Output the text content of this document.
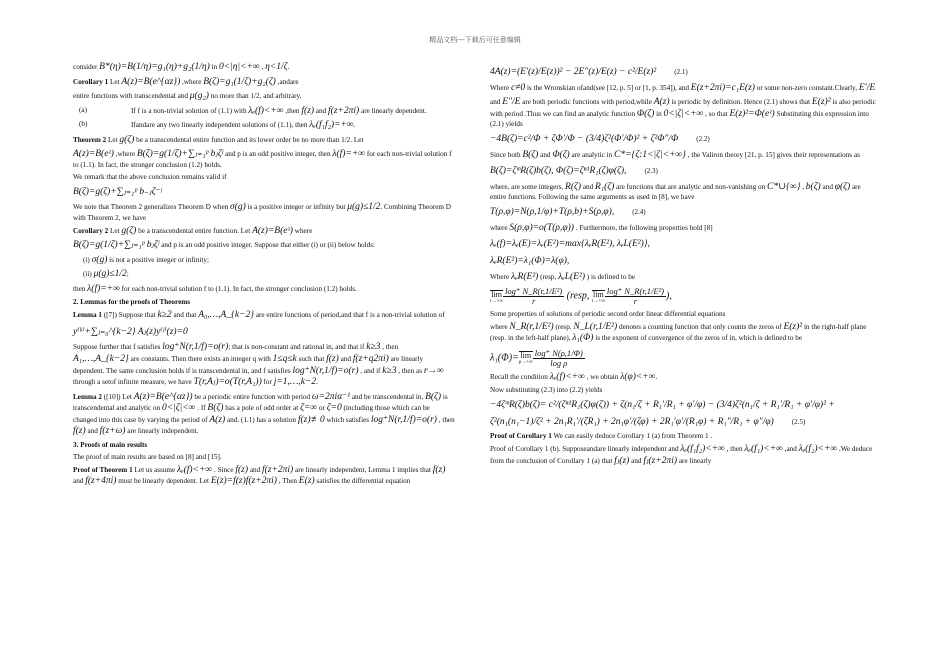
精品文档---下载后可任意编辑

consider B*(η)=B(1/η)=g₁(η)+g₂(1/η) in 0<|η|<+∞ , η<1/ζ.

Corollary 1 Let A(z)=B(e^{αz}) ,where B(ζ)=g₁(1/ζ)+g₂(ζ) ,andare

entire functions with transcendental and μ(g₂) no more than 1/2, and arbitrary.

(a)	If f is a non-trivial solution of (1.1) with λₑ(f)<+∞ ,then f(z) and f(z+2πi) are linearly dependent.
(b)	Ifandare any two linearly independent solutions of (1.1), then λₑ(f₁f₂)=+∞.

Theorem 2 Let g(ζ) be a transcendental entire function and its lower order be no more than 1/2. Let

A(z)=B(eᶻ) ,where B(ζ)=g(1/ζ)+∑ⱼ₌₁ᵖ bⱼζʲ and p is an odd positive integer, then λ(f)=+∞ for each non-trivial solution f to (1.1). In fact, the stronger conclusion (1.2) holds.

We remark that the above conclusion remains valid if

B(ζ)=g(ζ)+∑ⱼ₌₁ᵖ b₋ⱼζ⁻ʲ

We note that Theorem 2 generalizes Theorem D when σ(g) is a positive integer or infinity but μ(g)≤1/2. Combining Theorem D with Theorem 2, we have

Corollary 2 Let g(ζ) be a transcendental entire function. Let A(z)=B(eᶻ) where

B(ζ)=g(1/ζ)+∑ⱼ₌₁ᵖ bⱼζʲ and p is an odd positive integer. Suppose that either (i) or (ii) below holds:

(i) σ(g) is not a positive integer or infinity;

(ii) μ(g)≤1/2;

then λ(f)=+∞ for each non-trivial solution f to (1.1). In fact, the stronger conclusion (1.2) holds.

2. Lemmas for the proofs of Theorems

Lemma 1 ([7]) Suppose that k≥2 and that A₀,…,A_{k−2} are entire functions of period,and that f is a non-trivial solution of

y⁽ᵏ⁾+∑ⱼ₌₀^{k−2} Aⱼ(z)y⁽ʲ⁾(z)=0

Suppose further that f satisfies log⁺N(r,1/f)=o(r); that is non-constant and rational in, and that if k≥3 , then A₁,…,A_{k−2} are constants. Then there exists an integer q with 1≤q≤k such that f(z) and f(z+q2πi) are linearly dependent. The same conclusion holds if is transcendental in, and f satisfies log⁺N(r,1/f)=o(r) , and if k≥3 , then as r→∞ through a setof infinite measure, we have T(r,Aⱼ)=o(T(r,A₁)) for j=1,…,k−2.

Lemma 2 ([10]) Let A(z)=B(e^{αz}) be a periodic entire function with period ω=2πiα⁻¹ and be transcendental in, B(ζ) is transcendental and analytic on 0<|ζ|<∞ . If B(ζ) has a pole of odd order at ζ=∞ or ζ=0 (including those which can be changed into this case by varying the period of A(z) and. (1.1) has a solution f(z)≢0 which satisfies log⁺N(r,1/f)=o(r) , then f(z) and f(z+ω) are linearly independent.

3. Proofs of main results

The proof of main results are based on [8] and [15].

Proof of Theorem 1 Let us assume λₑ(f)<+∞ . Since f(z) and f(z+2πi) are linearly independent, Lemma 1 implies that f(z) and f(z+4πi) must be linearly dependent. Let E(z)=f(z)f(z+2πi) , Then E(z) satisfies the differential equation

4A(z)=(E′(z)/E(z))² − 2E″(z)/E(z) − c²/E(z)²	(2.1)

Where c≠0 is the Wronskian ofand(see [12, p. 5] or [1, p. 354]), and E(z+2πi)=c₁E(z) or some non-zero constant.Clearly, E′/E

and E″/E are both periodic functions with period,while A(z) is periodic by definition. Hence (2.1) shows that E(z)² is also periodic with period .Thus we can find an analytic function Φ(ζ) in 0<|ζ|<+∞ , so that E(z)²=Φ(eᶻ) Substituting this expression into (2.1) yields

−4B(ζ)=c²/Φ + ζΦ′/Φ − (3/4)ζ²(Φ′/Φ)² + ζ²Φ″/Φ	(2.2)

Since both B(ζ) and Φ(ζ) are analytic in C*={ζ:1<|ζ|<+∞} , the Valiron theory [21, p. 15] gives their representations as

B(ζ)=ζᵐR(ζ)b(ζ), Φ(ζ)=ζⁿ¹R₁(ζ)φ(ζ),	(2.3)

where, are some integers, R(ζ) and R₁(ζ) are functions that are analytic and non-vanishing on C*∪{∞} , b(ζ) and φ(ζ) are entire functions. Following the same arguments as used in [8], we have

T(ρ,φ)=N(ρ,1/φ)+T(ρ,b)+S(ρ,φ),	(2.4)

where S(ρ,φ)=o(T(ρ,φ)) . Furthermore, the following properties hold [8]

λₑ(f)=λₑ(E)=λₑ(E²)=max{λₑR(E²), λₑL(E²)},
λₑR(E²)=λ₁(Φ)=λ(φ),

Where λₑR(E²) (resp, λₑL(E²) ) is defined to be

lim
$r\to+\infty \frac{\text{log⁺ N\_R(r,1/E²)}}{r}$ (resp, lim
$r\to+\infty \frac{\text{log⁺ N\_R(r,1/E²)}}{r}$ ),

Some properties of solutions of periodic second order linear differential equations

where N_R(r,1/E²) (resp. N_L(r,1/E²) denotes a counting function that only counts the zeros of E(z)² in the right-half plane (resp. in the left-half plane), λ₁(Φ) is the exponent of convergence of the zeros of in, which is defined to be

λ₁(Φ)= lim
$\rho\to+\infty \frac{\log^+ N(\rho,1/\Phi)}{\text{log ρ}}$

Recall the condition λₑ(f)<+∞ , we obtain λ(φ)<+∞.

Now substituting (2.3) into (2.2) yields

−4ζᵐR(ζ)b(ζ)= c²/(ζⁿ¹R₁(ζ)φ(ζ)) + ζ(n₁/ζ + R₁′/R₁ + φ′/φ) − (3/4)ζ²(n₁/ζ + R₁′/R₁ + φ′/φ)² +
ζ²(n₁(n₁−1)/ζ² + 2n₁R₁′/(ζR₁) + 2n₁φ′/(ζφ) + 2R₁′φ′/(R₁φ) + R₁″/R₁ + φ″/φ)	(2.5)

Proof of Corollary 1 We can easily deduce Corollary 1 (a) from Theorem 1 .

Proof of Corollary 1 (b). Supposeandare linearly independent and λₑ(f₁f₂)<+∞ , then λₑ(f₁)<+∞ ,and λₑ(f₂)<+∞ .We deduce from the conclusion of Corollary 1 (a) that fⱼ(z) and fⱼ(z+2πi) are linearly
